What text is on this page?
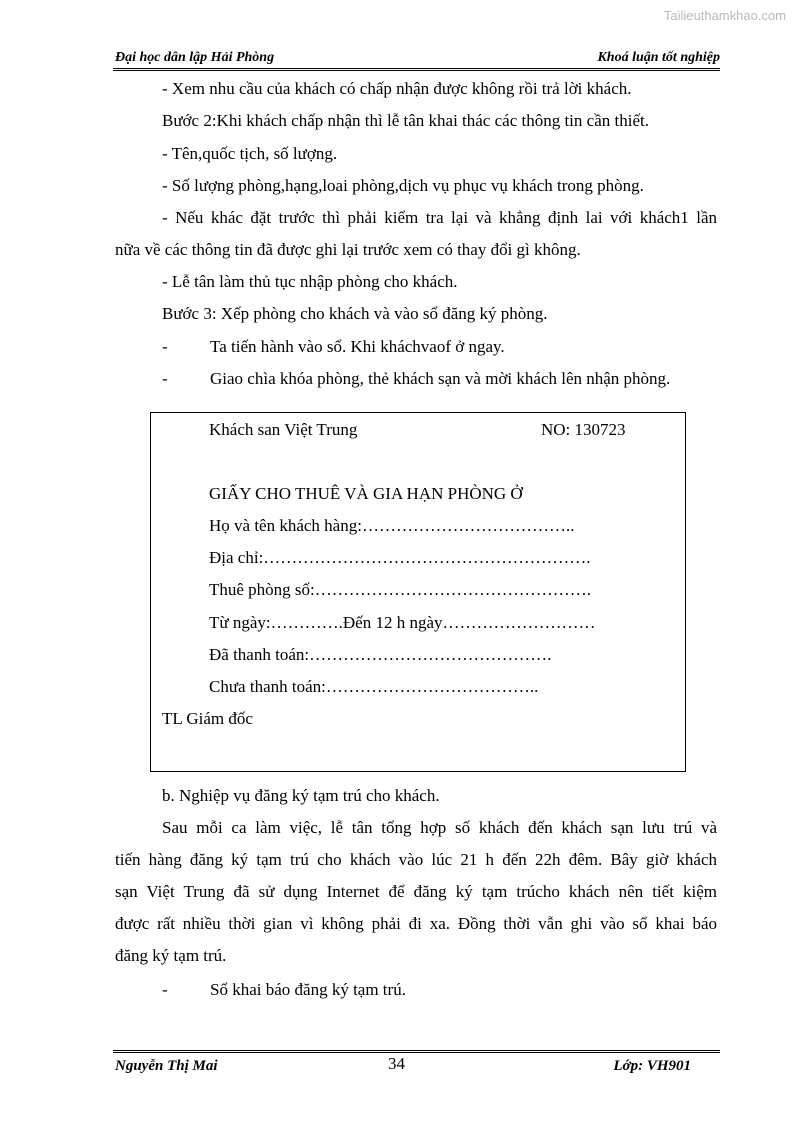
Tailieuthamkhao.com
Đại học dân lập Hải Phòng	Khoá luận tốt nghiệp
- Xem nhu cầu của khách có chấp nhận được không rồi trả lời khách.
Bước 2:Khi khách chấp nhận thì lễ tân khai thác các thông tin cần thiết.
- Tên,quốc tịch, số lượng.
- Số lượng phòng,hạng,loai phòng,dịch vụ phục vụ khách trong phòng.
- Nếu khác đặt trước thì phải kiểm tra lại và khẳng định lai với khách1 lần
nữa về các thông tin đã được ghi lại trước xem có thay đổi gì không.
- Lễ tân làm thủ tục nhập phòng cho khách.
Bước 3: Xếp phòng cho khách và vào sổ đăng ký phòng.
- Ta tiến hành vào sổ. Khi kháchvaof ở ngay.
- Giao chìa khóa phòng, thẻ khách sạn và mời khách lên nhận phòng.
Khách san Việt Trung	NO: 130723
GIẤY CHO THUÊ VÀ GIA HẠN PHÒNG Ở
Họ và tên khách hàng:………………………………..
Địa chỉ:………………………………………………….
Thuê phòng số:………………………………………….
Từ ngày:………….Đến 12 h ngày………………………
Đã thanh toán:…………………………………….
Chưa thanh toán:………………………………..
TL Giám đốc
b. Nghiệp vụ đăng ký tạm trú cho khách.
Sau mỗi ca làm việc, lễ tân tổng hợp số khách đến khách sạn lưu trú và
tiến hàng đăng ký tạm trú cho khách vào lúc 21 h đến 22h đêm. Bây giờ khách
sạn Việt Trung đã sử dụng Internet để đăng ký tạm trúcho khách nên tiết kiệm
được rất nhiều thời gian vì không phải đi xa. Đồng thời vẫn ghi vào sổ khai báo
đăng ký tạm trú.
- Sổ khai báo đăng ký tạm trú.
Nguyễn Thị Mai	34	Lớp: VH901
